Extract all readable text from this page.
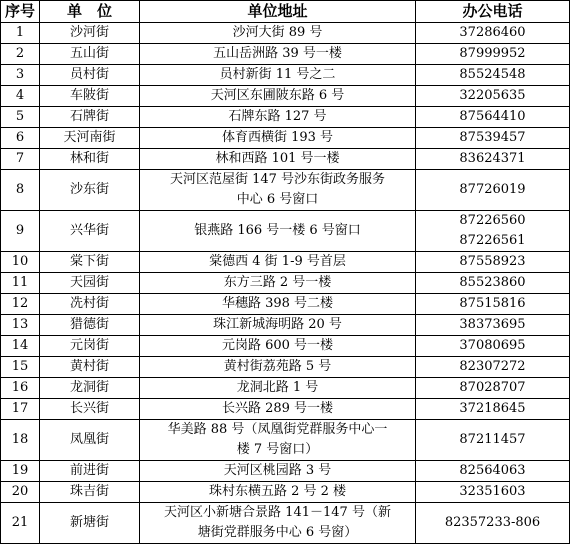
序号	单　位	单位地址	办公电话
1	沙河街	沙河大街 89 号	37286460

2	五山街	五山岳洲路 39 号一楼	87999952

3	员村街	员村新街 11 号之二	85524548

4	车陂街	天河区东圃陂东路 6 号	32205635

5	石牌街	石牌东路 127 号	87564410

6	天河南街	体育西横街 193 号	87539457

7	林和街	林和西路 101 号一楼	83624371

8	沙东街	天河区范屋街 147 号沙东街政务服务
中心 6 号窗口	87726019

9	兴华街	银燕路 166 号一楼 6 号窗口	87226560
87226561

10	棠下街	棠德西 4 街 1-9 号首层	87558923

11	天园街	东方三路 2 号一楼	85523860

12	冼村街	华穗路 398 号二楼	87515816

13	猎德街	珠江新城海明路 20 号	38373695

14	元岗街	元岗路 600 号一楼	37080695

15	黄村街	黄村街荔苑路 5 号	82307272

16	龙洞街	龙洞北路 1 号	87028707

17	长兴街	长兴路 289 号一楼	37218645

18	凤凰街	华美路 88 号（凤凰街党群服务中心一
楼 7 号窗口）	87211457

19	前进街	天河区桃园路 3 号	82564063

20	珠吉街	珠村东横五路 2 号 2 楼	32351603

21	新塘街	天河区小新塘合景路 141－147 号（新
塘街党群服务中心 6 号窗）	82357233-806
